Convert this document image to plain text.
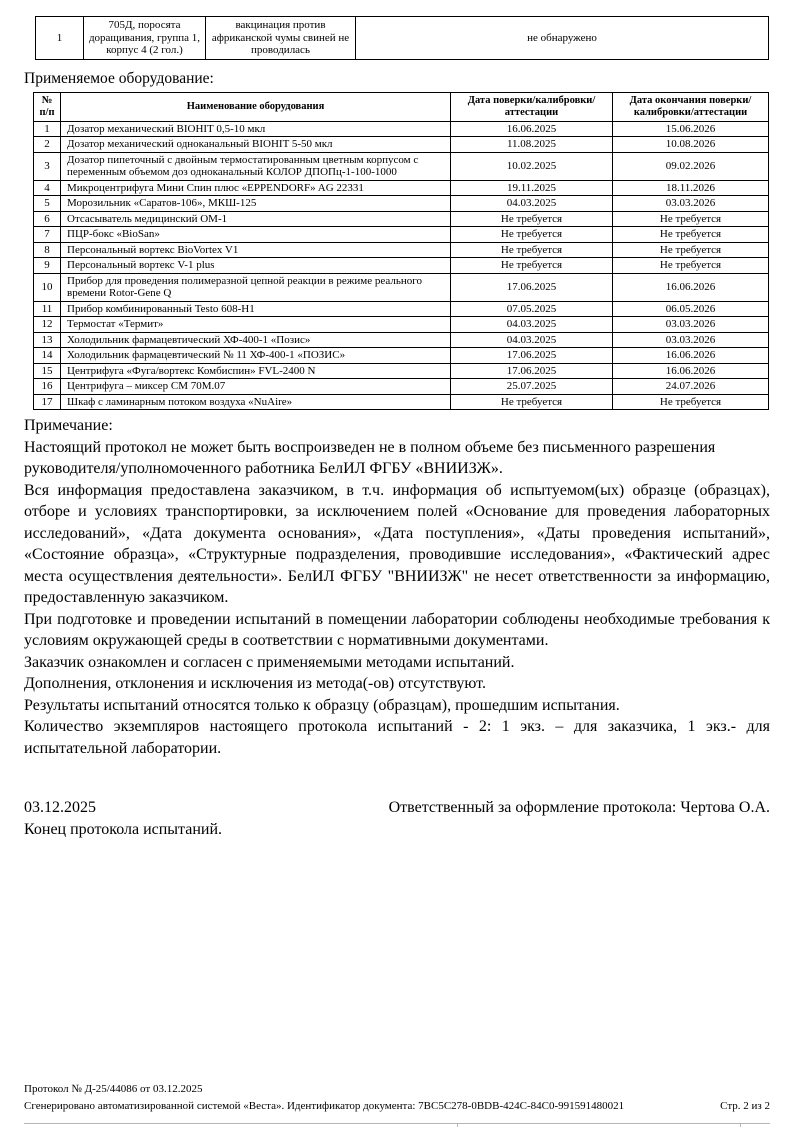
1	705Д, поросята доращивания, группа 1, корпус 4 (2 гол.)	вакцинация против африканской чумы свиней не проводилась	не обнаружено
Применяемое оборудование:
№ п/п	Наименование оборудования	Дата поверки/калибровки/аттестации	Дата окончания поверки/калибровки/аттестации
1	Дозатор механический BIOHIT 0,5-10 мкл	16.06.2025	15.06.2026
2	Дозатор механический одноканальный BIOHIT 5-50 мкл	11.08.2025	10.08.2026
3	Дозатор пипеточный с двойным термостатированным цветным корпусом с переменным объемом доз одноканальный КОЛОР ДПОПц-1-100-1000	10.02.2025	09.02.2026
4	Микроцентрифуга Мини Спин плюс «EPPENDORF» AG 22331	19.11.2025	18.11.2026
5	Морозильник «Саратов-106», МКШ-125	04.03.2025	03.03.2026
6	Отсасыватель медицинский ОМ-1	Не требуется	Не требуется
7	ПЦР-бокс «BioSan»	Не требуется	Не требуется
8	Персональный вортекс BioVortex V1	Не требуется	Не требуется
9	Персональный вортекс V-1 plus	Не требуется	Не требуется
10	Прибор для проведения полимеразной цепной реакции в режиме реального времени Rotor-Gene Q	17.06.2025	16.06.2026
11	Прибор комбинированный Testo 608-H1	07.05.2025	06.05.2026
12	Термостат «Термит»	04.03.2025	03.03.2026
13	Холодильник фармацевтический ХФ-400-1 «Позис»	04.03.2025	03.03.2026
14	Холодильник фармацевтический № 11 ХФ-400-1 «ПОЗИС»	17.06.2025	16.06.2026
15	Центрифуга «Фуга/вортекс Комбиспин» FVL-2400 N	17.06.2025	16.06.2026
16	Центрифуга – миксер СМ 70М.07	25.07.2025	24.07.2026
17	Шкаф с ламинарным потоком воздуха «NuAire»	Не требуется	Не требуется
Примечание:

Настоящий протокол не может быть воспроизведен не в полном объеме без письменного разрешения руководителя/уполномоченного работника БелИЛ ФГБУ «ВНИИЗЖ».

Вся информация предоставлена заказчиком, в т.ч. информация об испытуемом(ых) образце (образцах), отборе и условиях транспортировки, за исключением полей «Основание для проведения лабораторных исследований», «Дата документа основания», «Дата поступления», «Даты проведения испытаний», «Состояние образца», «Структурные подразделения, проводившие исследования», «Фактический адрес места осуществления деятельности». БелИЛ ФГБУ "ВНИИЗЖ" не несет ответственности за информацию, предоставленную заказчиком.

При подготовке и проведении испытаний в помещении лаборатории соблюдены необходимые требования к условиям окружающей среды в соответствии с нормативными документами.

Заказчик ознакомлен и согласен с применяемыми методами испытаний.

Дополнения, отклонения и исключения из метода(-ов) отсутствуют.

Результаты испытаний относятся только к образцу (образцам), прошедшим испытания.

Количество экземпляров настоящего протокола испытаний - 2: 1 экз. – для заказчика, 1 экз.- для испытательной лаборатории.

03.12.2025	Ответственный за оформление протокола: Чертова О.А.
Конец протокола испытаний.
Протокол № Д-25/44086 от 03.12.2025
Сгенерировано автоматизированной системой «Веста». Идентификатор документа: 7BC5C278-0BDB-424C-84C0-991591480021	Стр. 2 из 2
